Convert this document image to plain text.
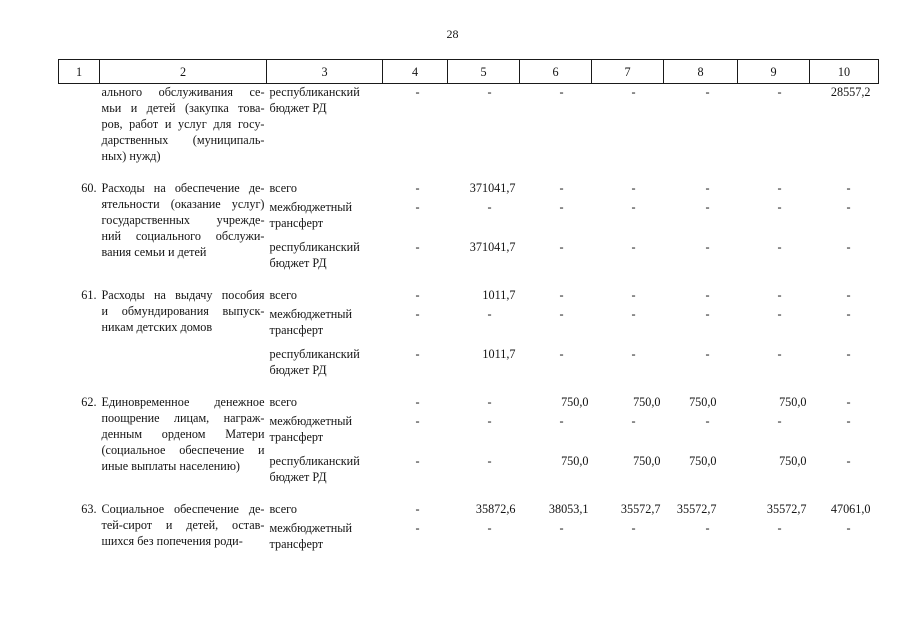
28
1	2	3	4	5	6	7	8	9	10

	ального обслуживания се-
мьи и детей (закупка това-
ров, работ и услуг для госу-
дарственных (муниципаль-
ных) нужд)	республиканский бюджет РД	-	-	-	-	-	-	28557,2
60.	Расходы на обеспечение де-
ятельности (оказание услуг)
государственных учрежде-
ний социального обслужи-
вания семьи и детей	всего	-	371041,7	-	-	-	-	-
		межбюджетный трансферт	-	-	-	-	-	-	-
		республиканский бюджет РД	-	371041,7	-	-	-	-	-
61.	Расходы на выдачу пособия
и обмундирования выпуск-
никам детских домов	всего	-	1011,7	-	-	-	-	-
		межбюджетный трансферт	-	-	-	-	-	-	-
		республиканский бюджет РД	-	1011,7	-	-	-	-	-
62.	Единовременное денежное
поощрение лицам, награж-
денным орденом Матери
(социальное обеспечение и
иные выплаты населению)	всего	-	-	750,0	750,0	750,0	750,0	-
		межбюджетный трансферт	-	-	-	-	-	-	-
		республиканский бюджет РД	-	-	750,0	750,0	750,0	750,0	-
63.	Социальное обеспечение де-
тей-сирот и детей, остав-
шихся без попечения роди-	всего	-	35872,6	38053,1	35572,7	35572,7	35572,7	47061,0
		межбюджетный трансферт	-	-	-	-	-	-	-
